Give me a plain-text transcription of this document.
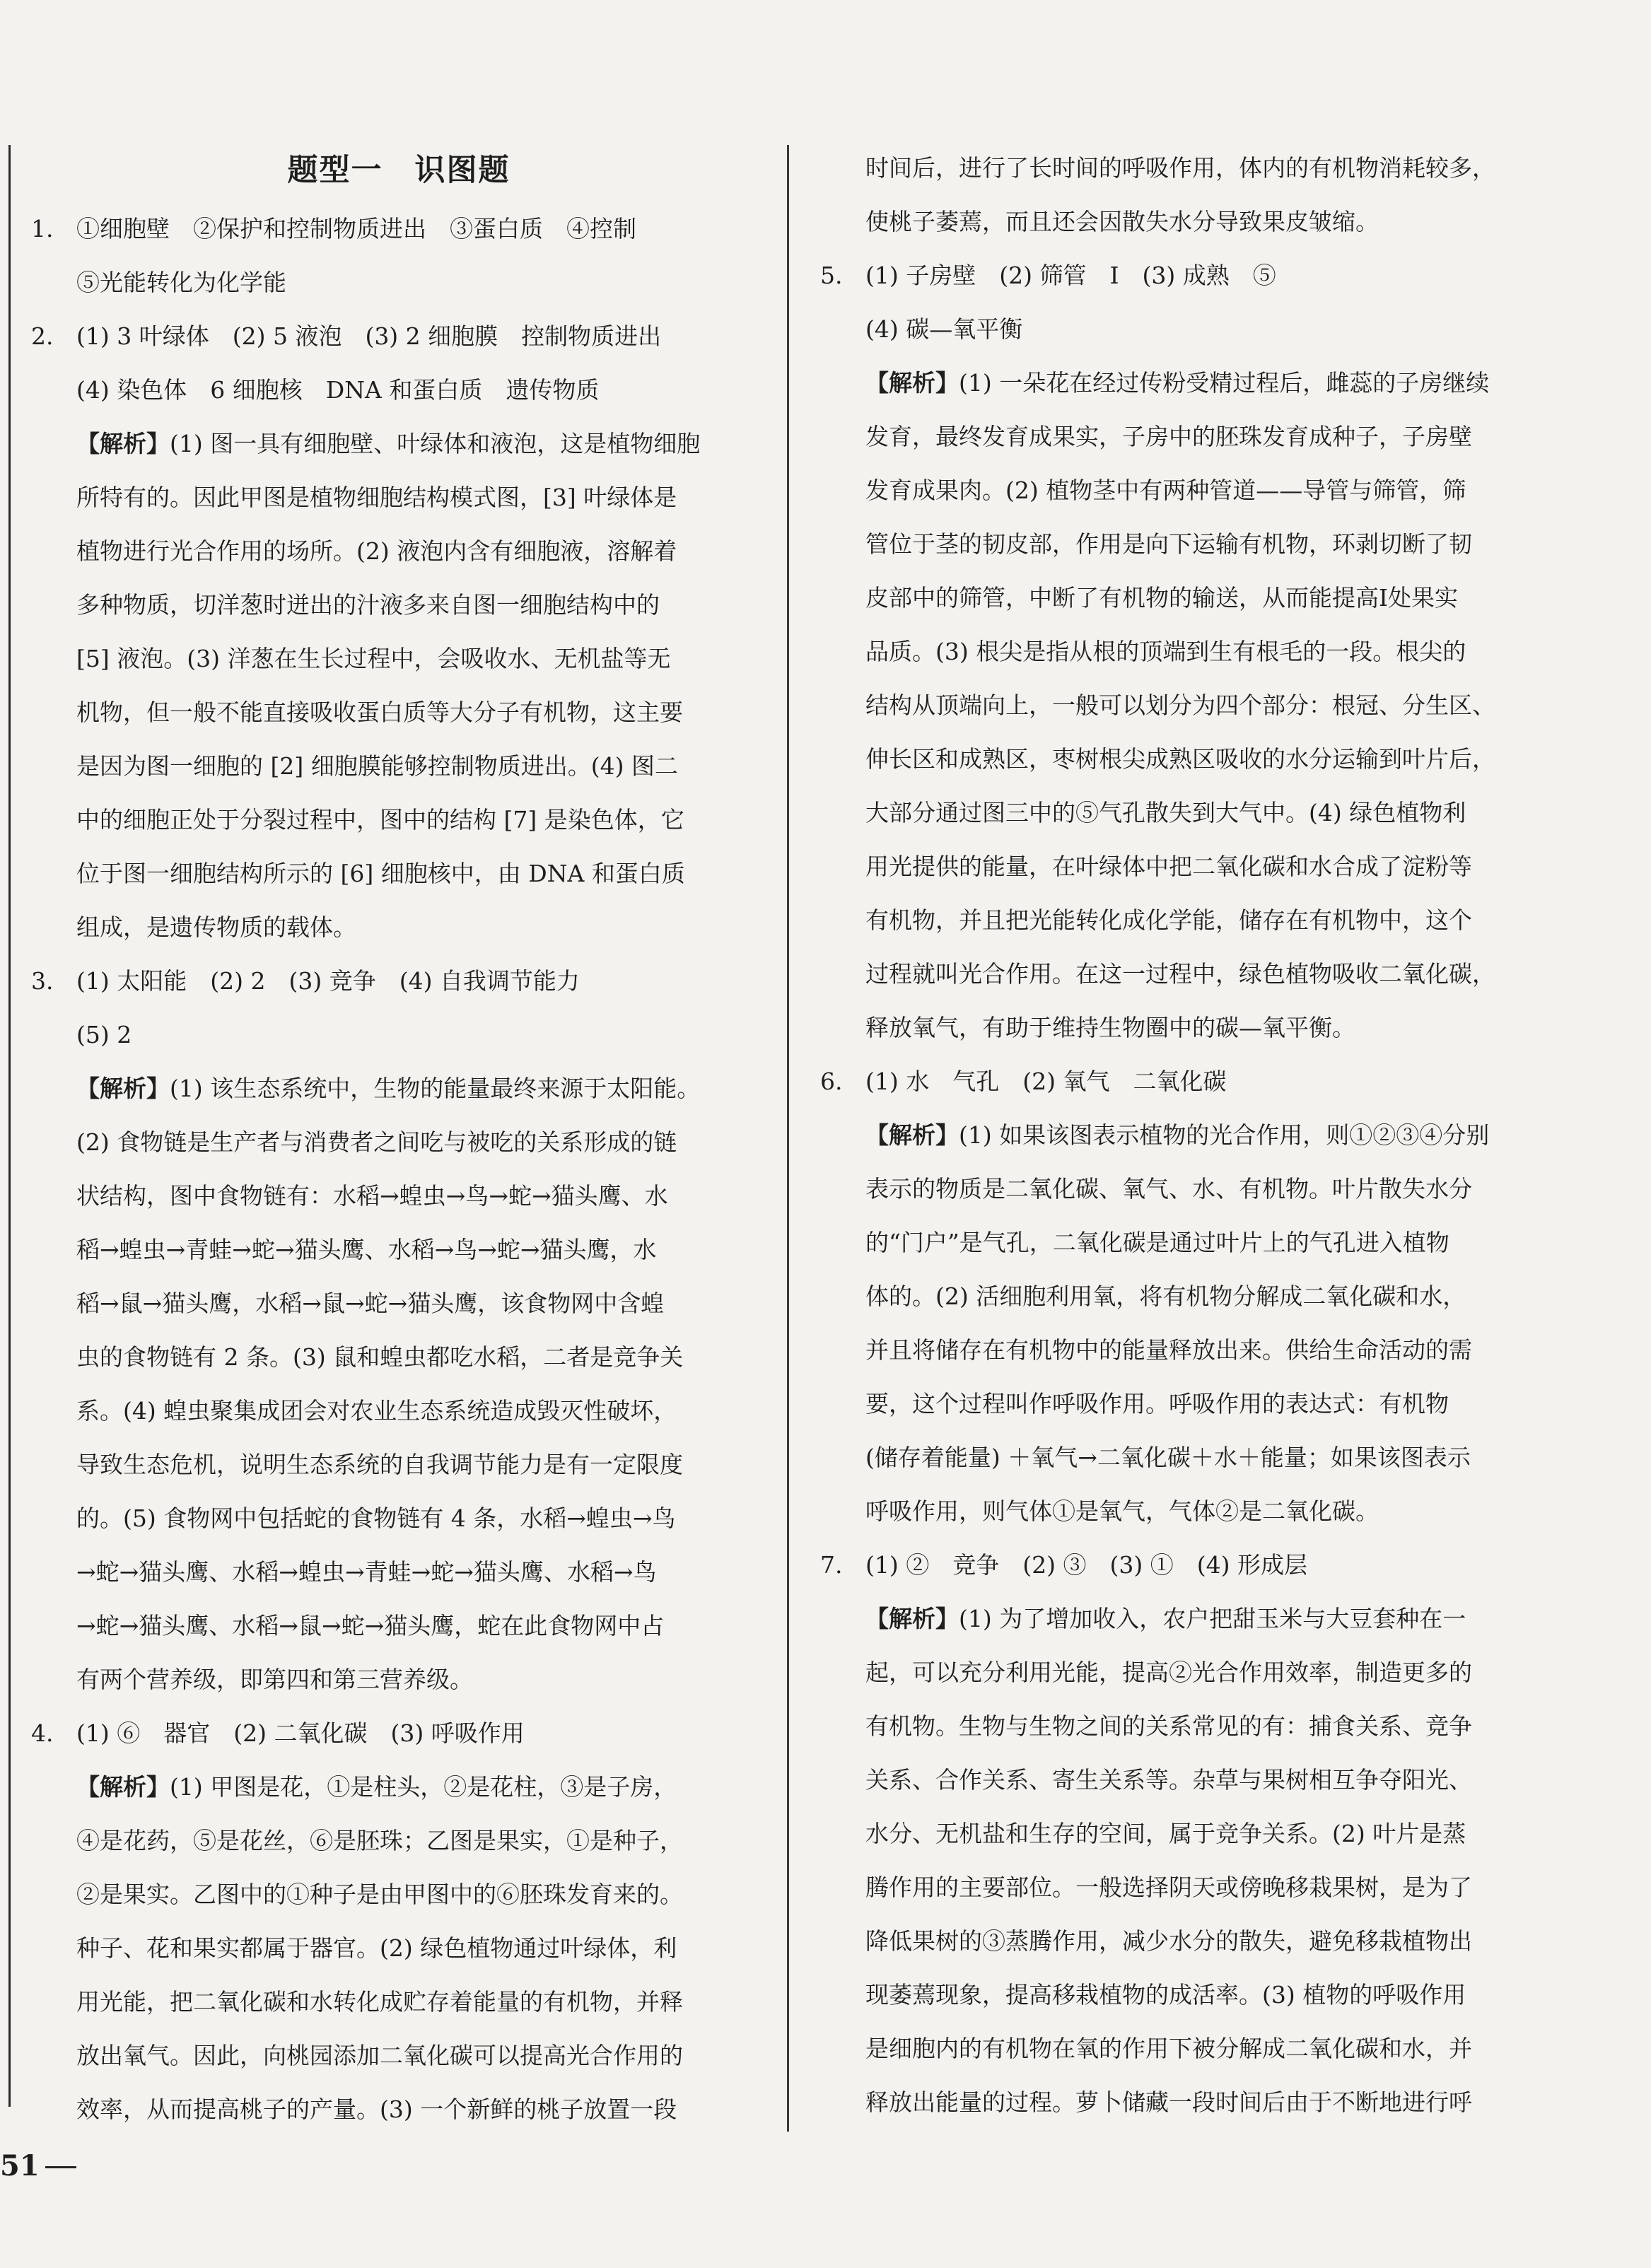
题型一　识图题
1. ①细胞壁　②保护和控制物质进出　③蛋白质　④控制
⑤光能转化为化学能
2. (1) 3 叶绿体　(2) 5 液泡　(3) 2 细胞膜　控制物质进出
(4) 染色体　6 细胞核　DNA 和蛋白质　遗传物质
【解析】(1) 图一具有细胞壁、叶绿体和液泡，这是植物细胞
所特有的。因此甲图是植物细胞结构模式图，[3] 叶绿体是
植物进行光合作用的场所。(2) 液泡内含有细胞液，溶解着
多种物质，切洋葱时迸出的汁液多来自图一细胞结构中的
[5] 液泡。(3) 洋葱在生长过程中，会吸收水、无机盐等无
机物，但一般不能直接吸收蛋白质等大分子有机物，这主要
是因为图一细胞的 [2] 细胞膜能够控制物质进出。(4) 图二
中的细胞正处于分裂过程中，图中的结构 [7] 是染色体，它
位于图一细胞结构所示的 [6] 细胞核中，由 DNA 和蛋白质
组成，是遗传物质的载体。
3. (1) 太阳能　(2) 2　(3) 竞争　(4) 自我调节能力
(5) 2
【解析】(1) 该生态系统中，生物的能量最终来源于太阳能。
(2) 食物链是生产者与消费者之间吃与被吃的关系形成的链
状结构，图中食物链有：水稻→蝗虫→鸟→蛇→猫头鹰、水
稻→蝗虫→青蛙→蛇→猫头鹰、水稻→鸟→蛇→猫头鹰，水
稻→鼠→猫头鹰，水稻→鼠→蛇→猫头鹰，该食物网中含蝗
虫的食物链有 2 条。(3) 鼠和蝗虫都吃水稻，二者是竞争关
系。(4) 蝗虫聚集成团会对农业生态系统造成毁灭性破坏，
导致生态危机，说明生态系统的自我调节能力是有一定限度
的。(5) 食物网中包括蛇的食物链有 4 条，水稻→蝗虫→鸟
→蛇→猫头鹰、水稻→蝗虫→青蛙→蛇→猫头鹰、水稻→鸟
→蛇→猫头鹰、水稻→鼠→蛇→猫头鹰，蛇在此食物网中占
有两个营养级，即第四和第三营养级。
4. (1) ⑥　器官　(2) 二氧化碳　(3) 呼吸作用
【解析】(1) 甲图是花，①是柱头，②是花柱，③是子房，
④是花药，⑤是花丝，⑥是胚珠；乙图是果实，①是种子，
②是果实。乙图中的①种子是由甲图中的⑥胚珠发育来的。
种子、花和果实都属于器官。(2) 绿色植物通过叶绿体，利
用光能，把二氧化碳和水转化成贮存着能量的有机物，并释
放出氧气。因此，向桃园添加二氧化碳可以提高光合作用的
效率，从而提高桃子的产量。(3) 一个新鲜的桃子放置一段
时间后，进行了长时间的呼吸作用，体内的有机物消耗较多，
使桃子萎蔫，而且还会因散失水分导致果皮皱缩。
5. (1) 子房壁　(2) 筛管　Ⅰ　(3) 成熟　⑤
(4) 碳—氧平衡
【解析】(1) 一朵花在经过传粉受精过程后，雌蕊的子房继续
发育，最终发育成果实，子房中的胚珠发育成种子，子房壁
发育成果肉。(2) 植物茎中有两种管道——导管与筛管，筛
管位于茎的韧皮部，作用是向下运输有机物，环剥切断了韧
皮部中的筛管，中断了有机物的输送，从而能提高Ⅰ处果实
品质。(3) 根尖是指从根的顶端到生有根毛的一段。根尖的
结构从顶端向上，一般可以划分为四个部分：根冠、分生区、
伸长区和成熟区，枣树根尖成熟区吸收的水分运输到叶片后，
大部分通过图三中的⑤气孔散失到大气中。(4) 绿色植物利
用光提供的能量，在叶绿体中把二氧化碳和水合成了淀粉等
有机物，并且把光能转化成化学能，储存在有机物中，这个
过程就叫光合作用。在这一过程中，绿色植物吸收二氧化碳，
释放氧气，有助于维持生物圈中的碳—氧平衡。
6. (1) 水　气孔　(2) 氧气　二氧化碳
【解析】(1) 如果该图表示植物的光合作用，则①②③④分别
表示的物质是二氧化碳、氧气、水、有机物。叶片散失水分
的“门户”是气孔，二氧化碳是通过叶片上的气孔进入植物
体的。(2) 活细胞利用氧，将有机物分解成二氧化碳和水，
并且将储存在有机物中的能量释放出来。供给生命活动的需
要，这个过程叫作呼吸作用。呼吸作用的表达式：有机物
(储存着能量) ＋氧气→二氧化碳＋水＋能量；如果该图表示
呼吸作用，则气体①是氧气，气体②是二氧化碳。
7. (1) ②　竞争　(2) ③　(3) ①　(4) 形成层
【解析】(1) 为了增加收入，农户把甜玉米与大豆套种在一
起，可以充分利用光能，提高②光合作用效率，制造更多的
有机物。生物与生物之间的关系常见的有：捕食关系、竞争
关系、合作关系、寄生关系等。杂草与果树相互争夺阳光、
水分、无机盐和生存的空间，属于竞争关系。(2) 叶片是蒸
腾作用的主要部位。一般选择阴天或傍晚移栽果树，是为了
降低果树的③蒸腾作用，减少水分的散失，避免移栽植物出
现萎蔫现象，提高移栽植物的成活率。(3) 植物的呼吸作用
是细胞内的有机物在氧的作用下被分解成二氧化碳和水，并
释放出能量的过程。萝卜储藏一段时间后由于不断地进行呼
51
